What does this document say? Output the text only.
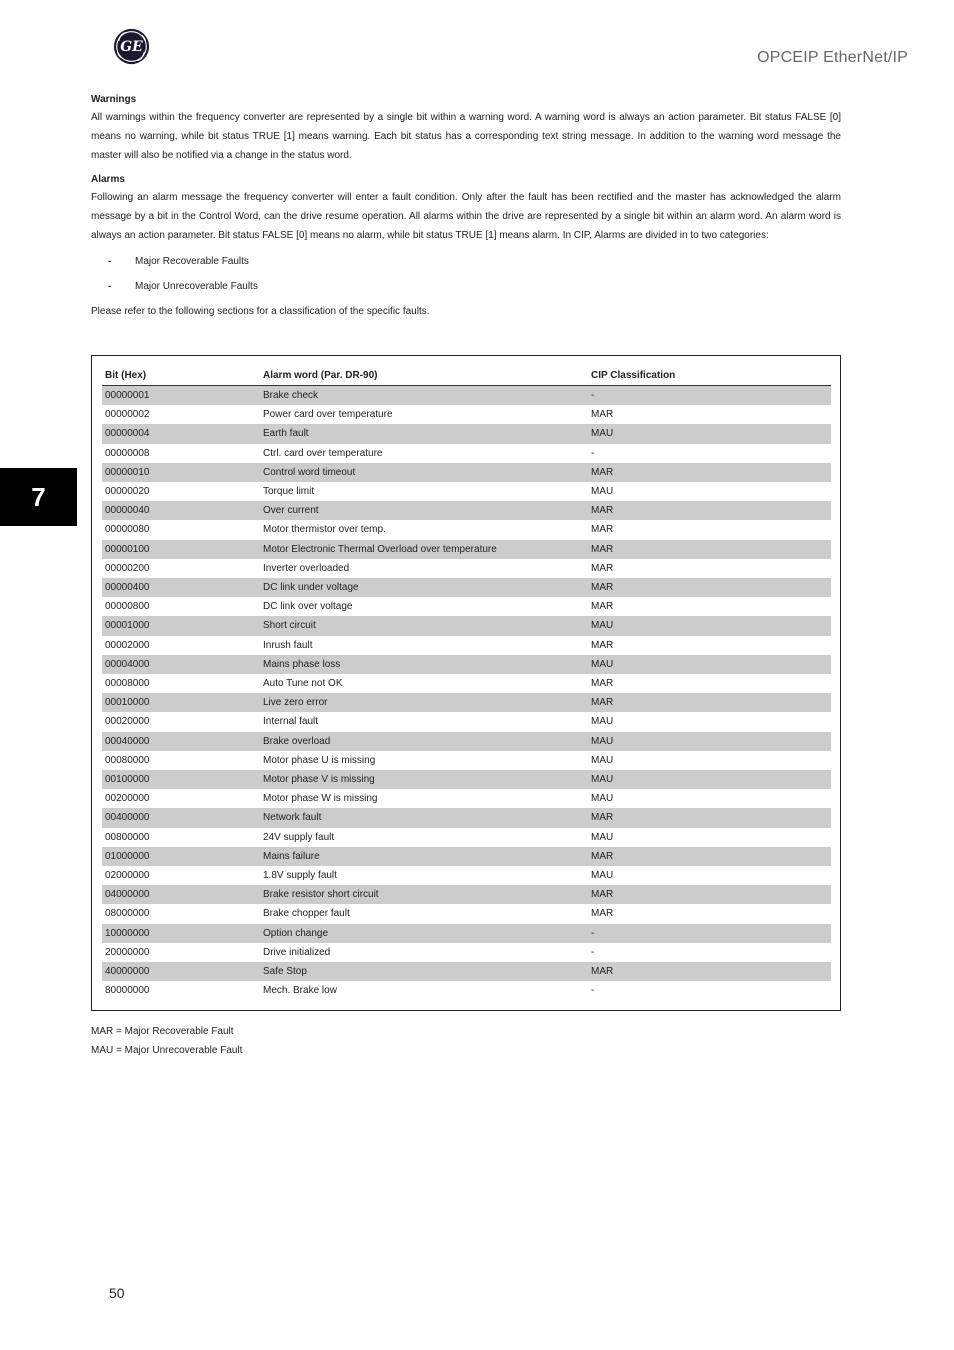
GE
OPCEIP EtherNet/IP
7

Warnings

All warnings within the frequency converter are represented by a single bit within a warning word. A warning word is always an action parameter. Bit status FALSE [0] means no warning, while bit status TRUE [1] means warning. Each bit status has a corresponding text string message. In addition to the warning word message the master will also be notified via a change in the status word.

Alarms

Following an alarm message the frequency converter will enter a fault condition. Only after the fault has been rectified and the master has acknowledged the alarm message by a bit in the Control Word, can the drive resume operation. All alarms within the drive are represented by a single bit within an alarm word. An alarm word is always an action parameter. Bit status FALSE [0] means no alarm, while bit status TRUE [1] means alarm. In CIP, Alarms are divided in to two categories:

- Major Recoverable Faults
- Major Unrecoverable Faults

Please refer to the following sections for a classification of the specific faults.

Bit (Hex)	Alarm word (Par. DR-90)	CIP Classification
00000001	Brake check	-
00000002	Power card over temperature	MAR
00000004	Earth fault	MAU
00000008	Ctrl. card over temperature	-
00000010	Control word timeout	MAR
00000020	Torque limit	MAU
00000040	Over current	MAR
00000080	Motor thermistor over temp.	MAR
00000100	Motor Electronic Thermal Overload over temperature	MAR
00000200	Inverter overloaded	MAR
00000400	DC link under voltage	MAR
00000800	DC link over voltage	MAR
00001000	Short circuit	MAU
00002000	Inrush fault	MAR
00004000	Mains phase loss	MAU
00008000	Auto Tune not OK	MAR
00010000	Live zero error	MAR
00020000	Internal fault	MAU
00040000	Brake overload	MAU
00080000	Motor phase U is missing	MAU
00100000	Motor phase V is missing	MAU
00200000	Motor phase W is missing	MAU
00400000	Network fault	MAR
00800000	24V supply fault	MAU
01000000	Mains failure	MAR
02000000	1.8V supply fault	MAU
04000000	Brake resistor short circuit	MAR
08000000	Brake chopper fault	MAR
10000000	Option change	-
20000000	Drive initialized	-
40000000	Safe Stop	MAR
80000000	Mech. Brake low	-
MAR = Major Recoverable Fault
MAU = Major Unrecoverable Fault
50
